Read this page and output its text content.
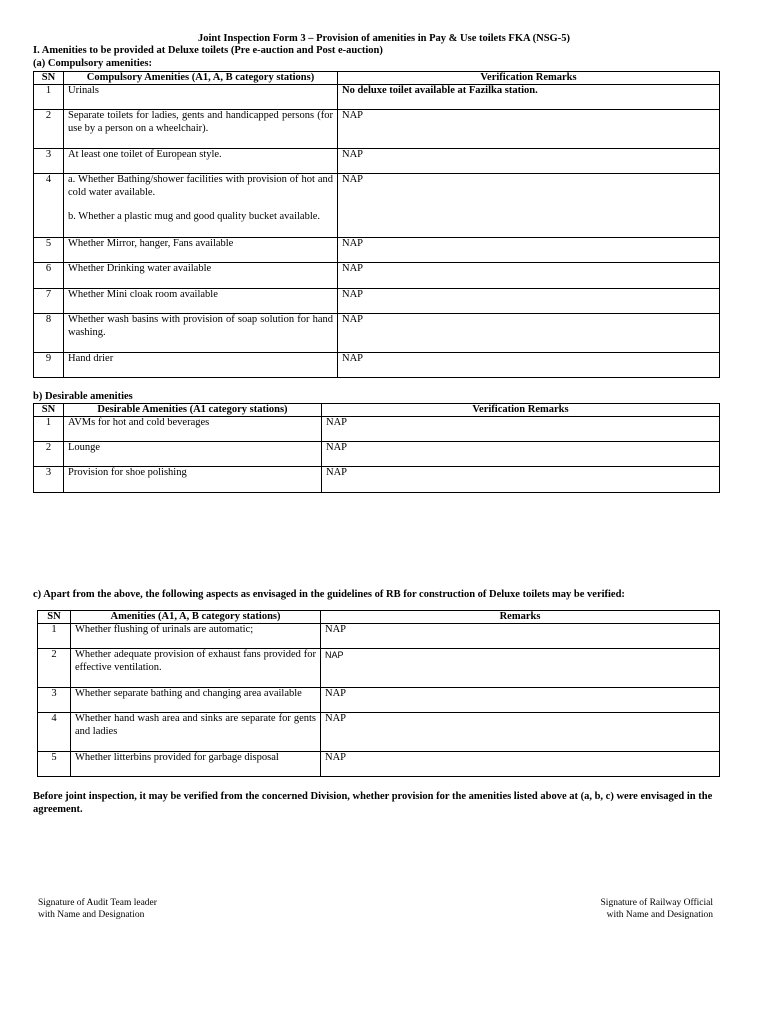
Joint Inspection Form 3 – Provision of amenities in Pay & Use toilets FKA (NSG-5)
I. Amenities to be provided at Deluxe toilets (Pre e-auction and Post e-auction)
(a) Compulsory amenities:
SN	Compulsory Amenities (A1, A, B category stations)	Verification Remarks
1	Urinals	No deluxe toilet available at Fazilka station.
2	Separate toilets for ladies, gents and handicapped persons (for use by a person on a wheelchair).	NAP
3	At least one toilet of European style.	NAP
4	a. Whether Bathing/shower facilities with provision of hot and cold water available.
b. Whether a plastic mug and good quality bucket available.	NAP
5	Whether Mirror, hanger, Fans available	NAP
6	Whether Drinking water available	NAP
7	Whether Mini cloak room available	NAP
8	Whether wash basins with provision of soap solution for hand washing.	NAP
9	Hand drier	NAP
b) Desirable amenities
SN	Desirable Amenities (A1 category stations)	Verification Remarks
1	AVMs for hot and cold beverages	NAP
2	Lounge	NAP
3	Provision for shoe polishing	NAP
c) Apart from the above, the following aspects as envisaged in the guidelines of RB for construction of Deluxe toilets may be verified:
SN	Amenities (A1, A, B category stations)	Remarks
1	Whether flushing of urinals are automatic;	NAP
2	Whether adequate provision of exhaust fans provided for effective ventilation.	NAP
3	Whether separate bathing and changing area available	NAP
4	Whether hand wash area and sinks are separate for gents and ladies	NAP
5	Whether litterbins provided for garbage disposal	NAP
Before joint inspection, it may be verified from the concerned Division, whether provision for the amenities listed above at (a, b, c) were envisaged in the agreement.
Signature of Audit Team leader
with Name and Designation
Signature of Railway Official
with Name and Designation
